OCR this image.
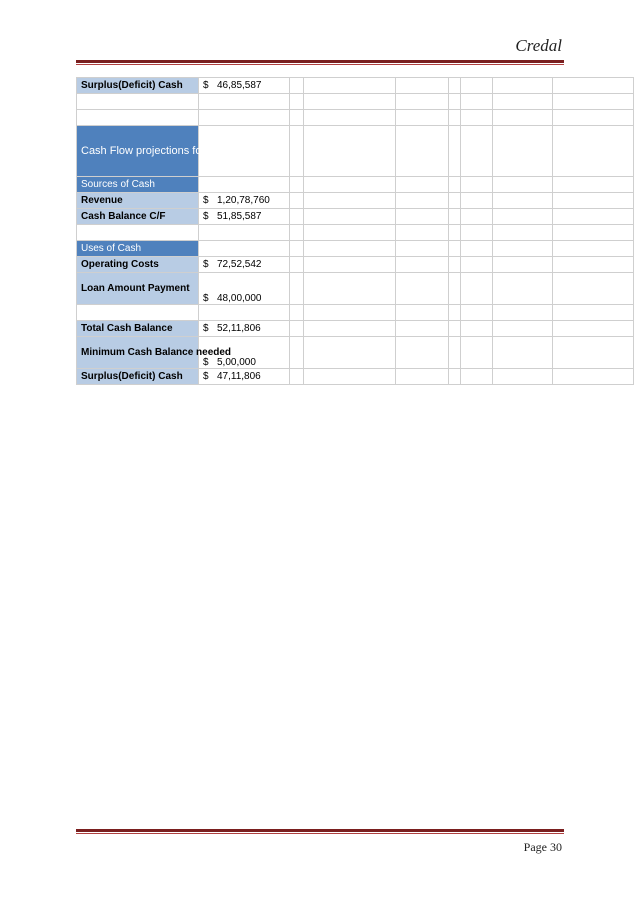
Credal
Surplus(Deficit) Cash	$ 46,85,587							

Cash Flow projections for Third Year								
Sources of Cash								
Revenue	$ 1,20,78,760							
Cash Balance C/F	$ 51,85,587							

Uses of Cash								
Operating Costs	$ 72,52,542							
Loan Amount Payment	$ 48,00,000							

Total Cash Balance	$ 52,11,806							
Minimum Cash Balance needed	$ 5,00,000							
Surplus(Deficit) Cash	$ 47,11,806							
Page 30
